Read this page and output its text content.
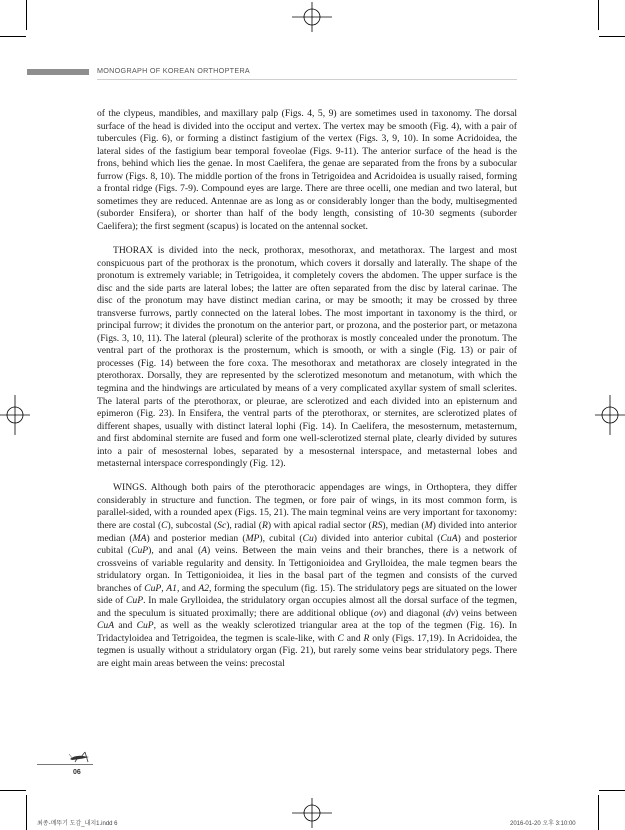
MONOGRAPH OF KOREAN ORTHOPTERA

of the clypeus, mandibles, and maxillary palp (Figs. 4, 5, 9) are sometimes used in taxonomy. The dorsal surface of the head is divided into the occiput and vertex. The vertex may be smooth (Fig. 4), with a pair of tubercules (Fig. 6), or forming a distinct fastigium of the vertex (Figs. 3, 9, 10). In some Acridoidea, the lateral sides of the fastigium bear temporal foveolae (Figs. 9-11). The anterior surface of the head is the frons, behind which lies the genae. In most Caelifera, the genae are separated from the frons by a subocular furrow (Figs. 8, 10). The middle portion of the frons in Tetrigoidea and Acridoidea is usually raised, forming a frontal ridge (Figs. 7-9). Compound eyes are large. There are three ocelli, one median and two lateral, but sometimes they are reduced. Antennae are as long as or considerably longer than the body, multisegmented (suborder Ensifera), or shorter than half of the body length, consisting of 10-30 segments (suborder Caelifera); the first segment (scapus) is located on the antennal socket.

THORAX is divided into the neck, prothorax, mesothorax, and metathorax. The largest and most conspicuous part of the prothorax is the pronotum, which covers it dorsally and laterally. The shape of the pronotum is extremely variable; in Tetrigoidea, it completely covers the abdomen. The upper surface is the disc and the side parts are lateral lobes; the latter are often separated from the disc by lateral carinae. The disc of the pronotum may have distinct median carina, or may be smooth; it may be crossed by three transverse furrows, partly connected on the lateral lobes. The most important in taxonomy is the third, or principal furrow; it divides the pronotum on the anterior part, or prozona, and the posterior part, or metazona (Figs. 3, 10, 11). The lateral (pleural) sclerite of the prothorax is mostly concealed under the pronotum. The ventral part of the prothorax is the prosternum, which is smooth, or with a single (Fig. 13) or pair of processes (Fig. 14) between the fore coxa. The mesothorax and metathorax are closely integrated in the pterothorax. Dorsally, they are represented by the sclerotized mesonotum and metanotum, with which the tegmina and the hindwings are articulated by means of a very complicated axyllar system of small sclerites. The lateral parts of the pterothorax, or pleurae, are sclerotized and each divided into an episternum and epimeron (Fig. 23). In Ensifera, the ventral parts of the pterothorax, or sternites, are sclerotized plates of different shapes, usually with distinct lateral lophi (Fig. 14). In Caelifera, the mesosternum, metasternum, and first abdominal sternite are fused and form one well-sclerotized sternal plate, clearly divided by sutures into a pair of mesosternal lobes, separated by a mesosternal interspace, and metasternal lobes and metasternal interspace correspondingly (Fig. 12).

WINGS. Although both pairs of the pterothoracic appendages are wings, in Orthoptera, they differ considerably in structure and function. The tegmen, or fore pair of wings, in its most common form, is parallel-sided, with a rounded apex (Figs. 15, 21). The main tegminal veins are very important for taxonomy: there are costal (C), subcostal (Sc), radial (R) with apical radial sector (RS), median (M) divided into anterior median (MA) and posterior median (MP), cubital (Cu) divided into anterior cubital (CuA) and posterior cubital (CuP), and anal (A) veins. Between the main veins and their branches, there is a network of crossveins of variable regularity and density. In Tettigonioidea and Grylloidea, the male tegmen bears the stridulatory organ. In Tettigonioidea, it lies in the basal part of the tegmen and consists of the curved branches of CuP, A1, and A2, forming the speculum (fig. 15). The stridulatory pegs are situated on the lower side of CuP. In male Grylloidea, the stridulatory organ occupies almost all the dorsal surface of the tegmen, and the speculum is situated proximally; there are additional oblique (ov) and diagonal (dv) veins between CuA and CuP, as well as the weakly sclerotized triangular area at the top of the tegmen (Fig. 16). In Tridactyloidea and Tetrigoidea, the tegmen is scale-like, with C and R only (Figs. 17,19). In Acridoidea, the tegmen is usually without a stridulatory organ (Fig. 21), but rarely some veins bear stridulatory pegs. There are eight main areas between the veins: precostal

06
최종-메뚜기 도감_내지1.indd 6	2016-01-20 오후 3:10:00
